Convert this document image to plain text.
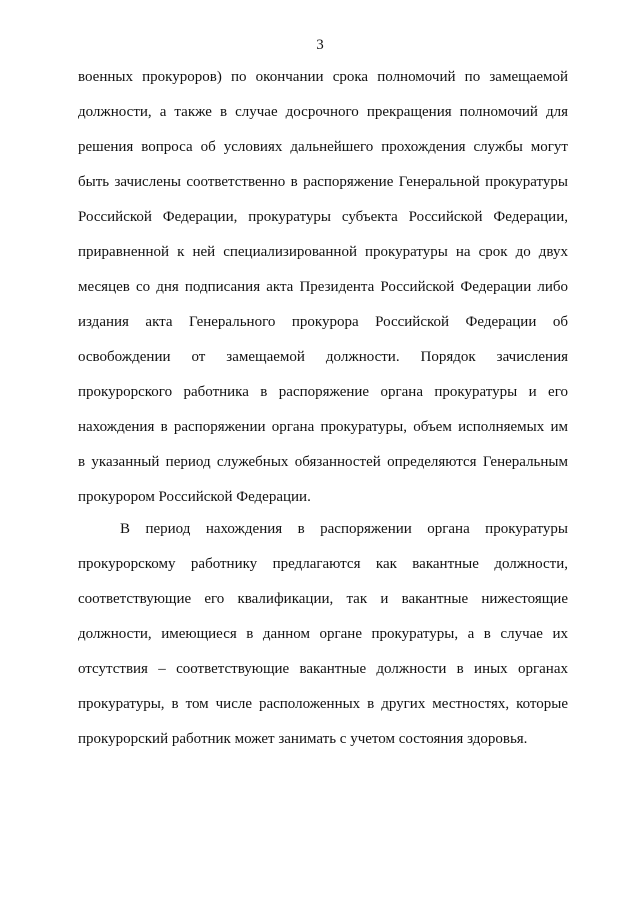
3
военных прокуроров) по окончании срока полномочий по замещаемой
должности, а также в случае досрочного прекращения полномочий для
решения вопроса об условиях дальнейшего прохождения службы могут
быть зачислены соответственно в распоряжение Генеральной прокуратуры
Российской Федерации, прокуратуры субъекта Российской Федерации,
приравненной к ней специализированной прокуратуры на срок до двух
месяцев со дня подписания акта Президента Российской Федерации либо
издания акта Генерального прокурора Российской Федерации об
освобождении от замещаемой должности. Порядок зачисления
прокурорского работника в распоряжение органа прокуратуры и его
нахождения в распоряжении органа прокуратуры, объем исполняемых им
в указанный период служебных обязанностей определяются Генеральным
прокурором Российской Федерации.
В период нахождения в распоряжении органа прокуратуры
прокурорскому работнику предлагаются как вакантные должности,
соответствующие его квалификации, так и вакантные нижестоящие
должности, имеющиеся в данном органе прокуратуры, а в случае их
отсутствия – соответствующие вакантные должности в иных органах
прокуратуры, в том числе расположенных в других местностях, которые
прокурорский работник может занимать с учетом состояния здоровья.
